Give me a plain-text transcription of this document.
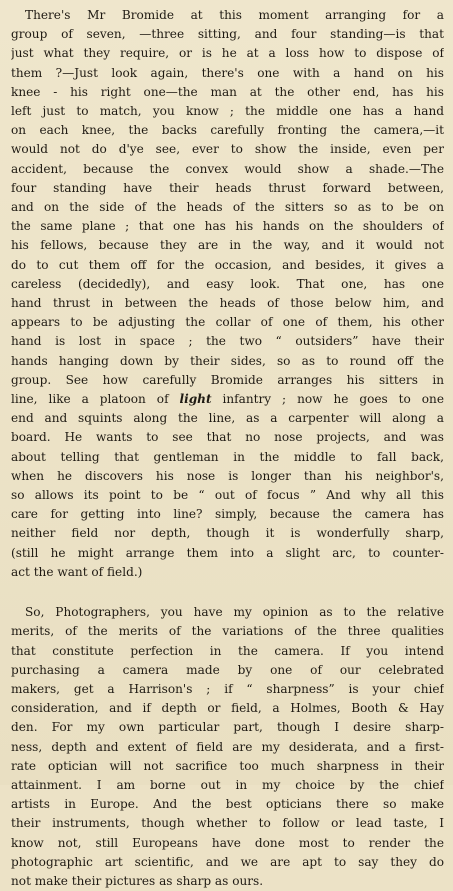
There's Mr Bromide at this moment arranging for a
group of seven, —three sitting, and four standing—is that
just what they require, or is he at a loss how to dispose of
them ?—Just look again, there's one with a hand on his
knee - his right one—the man at the other end, has his
left just to match, you know ; the middle one has a hand
on each knee, the backs carefully fronting the camera,—it
would not do d'ye see, ever to show the inside, even per
accident, because the convex would show a shade.—The
four standing have their heads thrust forward between,
and on the side of the heads of the sitters so as to be on
the same plane ; that one has his hands on the shoulders of
his fellows, because they are in the way, and it would not
do to cut them off for the occasion, and besides, it gives a
careless (decidedly), and easy look. That one, has one
hand thrust in between the heads of those below him, and
appears to be adjusting the collar of one of them, his other
hand is lost in space ; the two “ outsiders” have their
hands hanging down by their sides, so as to round off the
group. See how carefully Bromide arranges his sitters in
line, like a platoon of light infantry ; now he goes to one
end and squints along the line, as a carpenter will along a
board. He wants to see that no nose projects, and was
about telling that gentleman in the middle to fall back,
when he discovers his nose is longer than his neighbor's,
so allows its point to be “ out of focus ” And why all this
care for getting into line? simply, because the camera has
neither field nor depth, though it is wonderfully sharp,
(still he might arrange them into a slight arc, to counter-
act the want of field.)
So, Photographers, you have my opinion as to the relative
merits, of the merits of the variations of the three qualities
that constitute perfection in the camera. If you intend
purchasing a camera made by one of our celebrated
makers, get a Harrison's ; if “ sharpness” is your chief
consideration, and if depth or field, a Holmes, Booth & Hay
den. For my own particular part, though I desire sharp-
ness, depth and extent of field are my desiderata, and a first-
rate optician will not sacrifice too much sharpness in their
attainment. I am borne out in my choice by the chief
artists in Europe. And the best opticians there so make
their instruments, though whether to follow or lead taste, I
know not, still Europeans have done most to render the
photographic art scientific, and we are apt to say they do
not make their pictures as sharp as ours.
